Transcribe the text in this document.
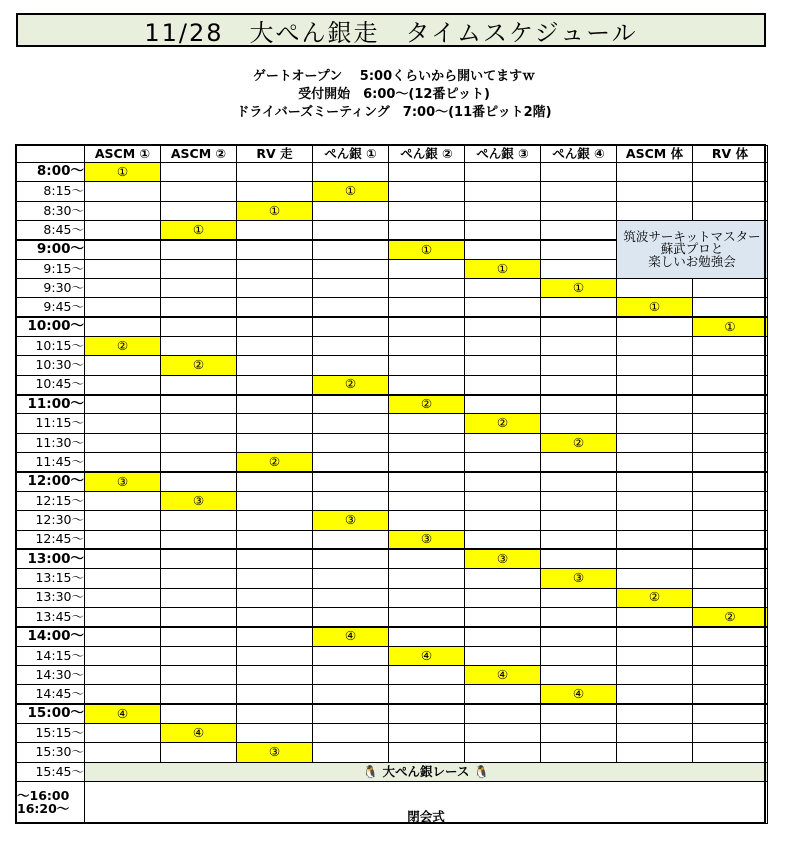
11/28　大ぺん銀走　タイムスケジュール
ゲートオープン　 5:00くらいから開いてますｗ
受付開始　6:00～(12番ピット)
ドライバーズミーティング　7:00～(11番ピット2階)
	ASCM ①	ASCM ②	RV 走	ぺん銀 ①	ぺん銀 ②	ぺん銀 ③	ぺん銀 ④	ASCM 体	RV 体
8:00～	①								
8:15～				①					
8:30～			①						
8:45～		①						筑波サーキットマスター
蘇武プロと
楽しいお勉強会	

9:00～					①				
9:15～						①			
9:30～							①		
9:45～								①	
10:00～									①
10:15～	②								
10:30～		②							
10:45～				②					
11:00～					②				
11:15～						②			
11:30～							②		
11:45～			②						
12:00～	③								
12:15～		③							
12:30～				③					
12:45～					③				
13:00～						③			
13:15～							③		
13:30～								②	
13:45～									②
14:00～				④					
14:15～					④				
14:30～						④			
14:45～							④		
15:00～	④								
15:15～		④							
15:30～			③						
15:45～	🐧 大ぺん銀レース 🐧								

～16:00
16:20～	閉会式								
